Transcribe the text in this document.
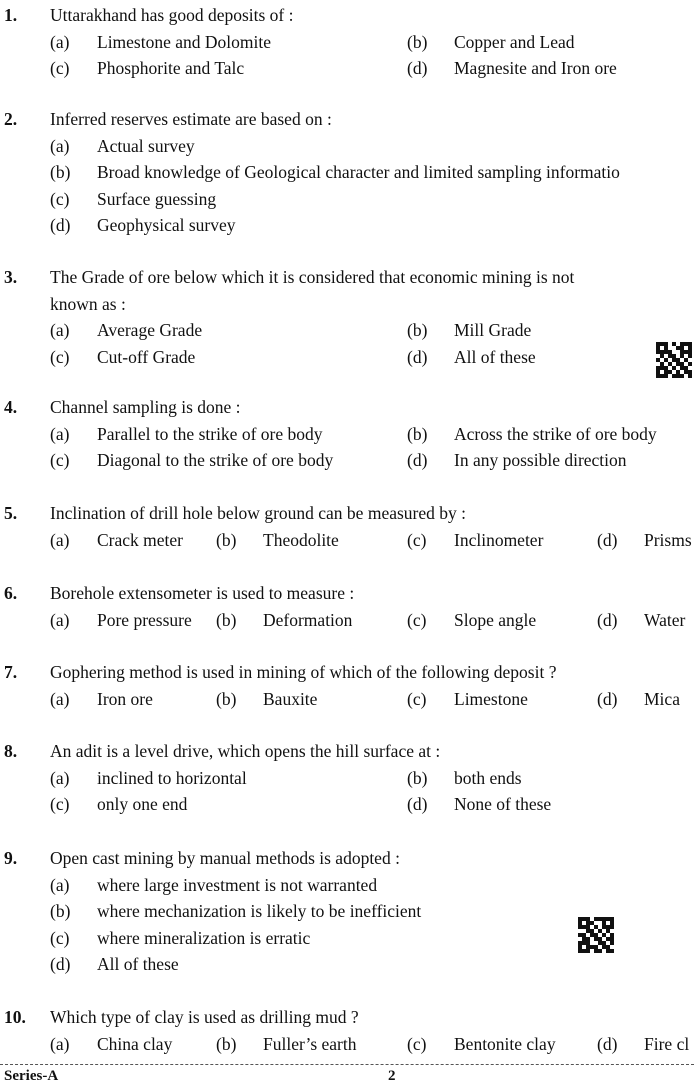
1. Uttarakhand has good deposits of :
(a) Limestone and Dolomite	(b) Copper and Lead
(c) Phosphorite and Talc	(d) Magnesite and Iron ore
2. Inferred reserves estimate are based on :
(a) Actual survey
(b) Broad knowledge of Geological character and limited sampling informatio
(c) Surface guessing
(d) Geophysical survey
3. The Grade of ore below which it is considered that economic mining is not
known as :
(a) Average Grade	(b) Mill Grade
(c) Cut-off Grade	(d) All of these
4. Channel sampling is done :
(a) Parallel to the strike of ore body	(b) Across the strike of ore body
(c) Diagonal to the strike of ore body	(d) In any possible direction
5. Inclination of drill hole below ground can be measured by :
(a) Crack meter (b) Theodolite	(c) Inclinometer	(d) Prisms
6. Borehole extensometer is used to measure :
(a) Pore pressure (b) Deformation	(c) Slope angle	(d) Water
7. Gophering method is used in mining of which of the following deposit ?
(a) Iron ore	(b) Bauxite	(c) Limestone	(d) Mica
8. An adit is a level drive, which opens the hill surface at :
(a) inclined to horizontal	(b) both ends
(c) only one end	(d) None of these
9. Open cast mining by manual methods is adopted :
(a) where large investment is not warranted
(b) where mechanization is likely to be inefficient
(c) where mineralization is erratic
(d) All of these
10. Which type of clay is used as drilling mud ?
(a) China clay (b) Fuller’s earth	(c) Bentonite clay (d) Fire cl
Series-A	2
